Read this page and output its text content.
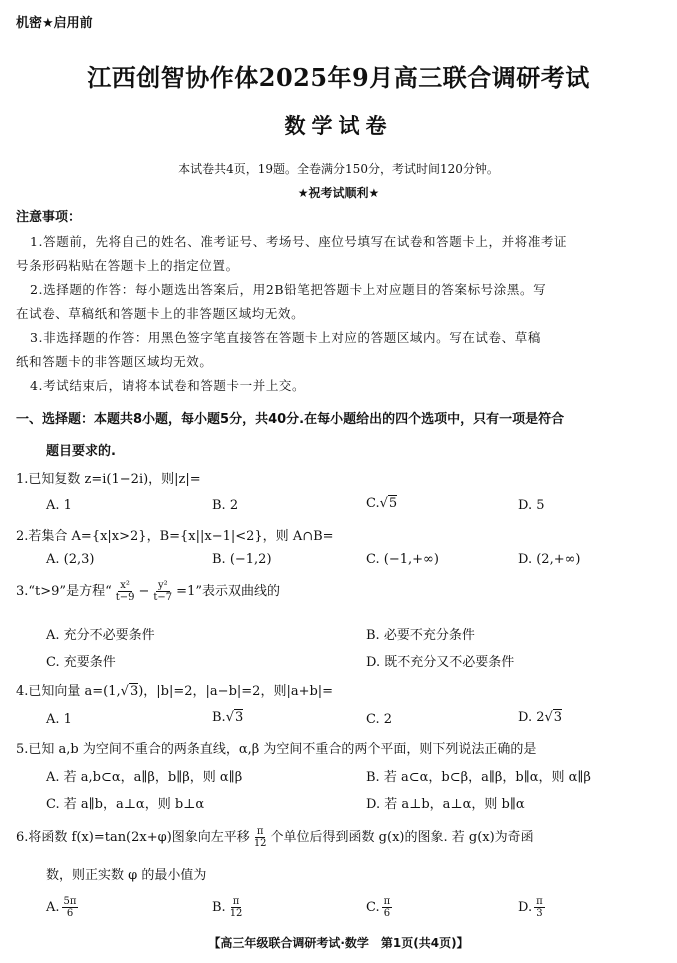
机密★启用前
江西创智协作体2025年9月高三联合调研考试
数学试卷
本试卷共4页，19题。全卷满分150分，考试时间120分钟。
★祝考试顺利★
注意事项：
1.答题前，先将自己的姓名、准考证号、考场号、座位号填写在试卷和答题卡上，并将准考证
号条形码粘贴在答题卡上的指定位置。
2.选择题的作答：每小题选出答案后，用2B铅笔把答题卡上对应题目的答案标号涂黑。写
在试卷、草稿纸和答题卡上的非答题区域均无效。
3.非选择题的作答：用黑色签字笔直接答在答题卡上对应的答题区域内。写在试卷、草稿
纸和答题卡的非答题区域均无效。
4.考试结束后，请将本试卷和答题卡一并上交。
一、选择题：本题共8小题，每小题5分，共40分.在每小题给出的四个选项中，只有一项是符合
题目要求的.
1.已知复数 z=i(1−2i)，则|z|=
A. 1	B. 2	C.√5	D. 5
2.若集合 A={x|x>2}，B={x||x−1|<2}，则 A∩B=
A. (2,3)	B. (−1,2)	C. (−1,+∞)	D. (2,+∞)
3.“t>9”是方程“ $\frac{\text{x²}}{t-9} - \frac{\text{y²}}{t-7} =1$”表示双曲线的
A. 充分不必要条件	B. 必要不充分条件
C. 充要条件	D. 既不充分又不必要条件
4.已知向量 a=(1,√3)，|b|=2，|a−b|=2，则|a+b|=
A. 1	B.√3	C. 2	D. 2√3
5.已知 a,b 为空间不重合的两条直线，α,β 为空间不重合的两个平面，则下列说法正确的是
A. 若 a,b⊂α，a∥β，b∥β，则 α∥β	B. 若 a⊂α，b⊂β，a∥β，b∥α，则 α∥β
C. 若 a∥b，a⊥α，则 b⊥α	D. 若 a⊥b，a⊥α，则 b∥α
6.将函数 f(x)=tan(2x+φ)图象向左平移 $\frac{\pi}{12}$ 个单位后得到函数 g(x)的图象. 若 g(x)为奇函
数，则正实数 φ 的最小值为
A. $\frac{5\pi}{6}$	B. $\frac{\pi}{12}$	C. $\frac{\pi}{6}$	D. $\frac{\pi}{3}$
【高三年级联合调研考试·数学　第1页(共4页)】
